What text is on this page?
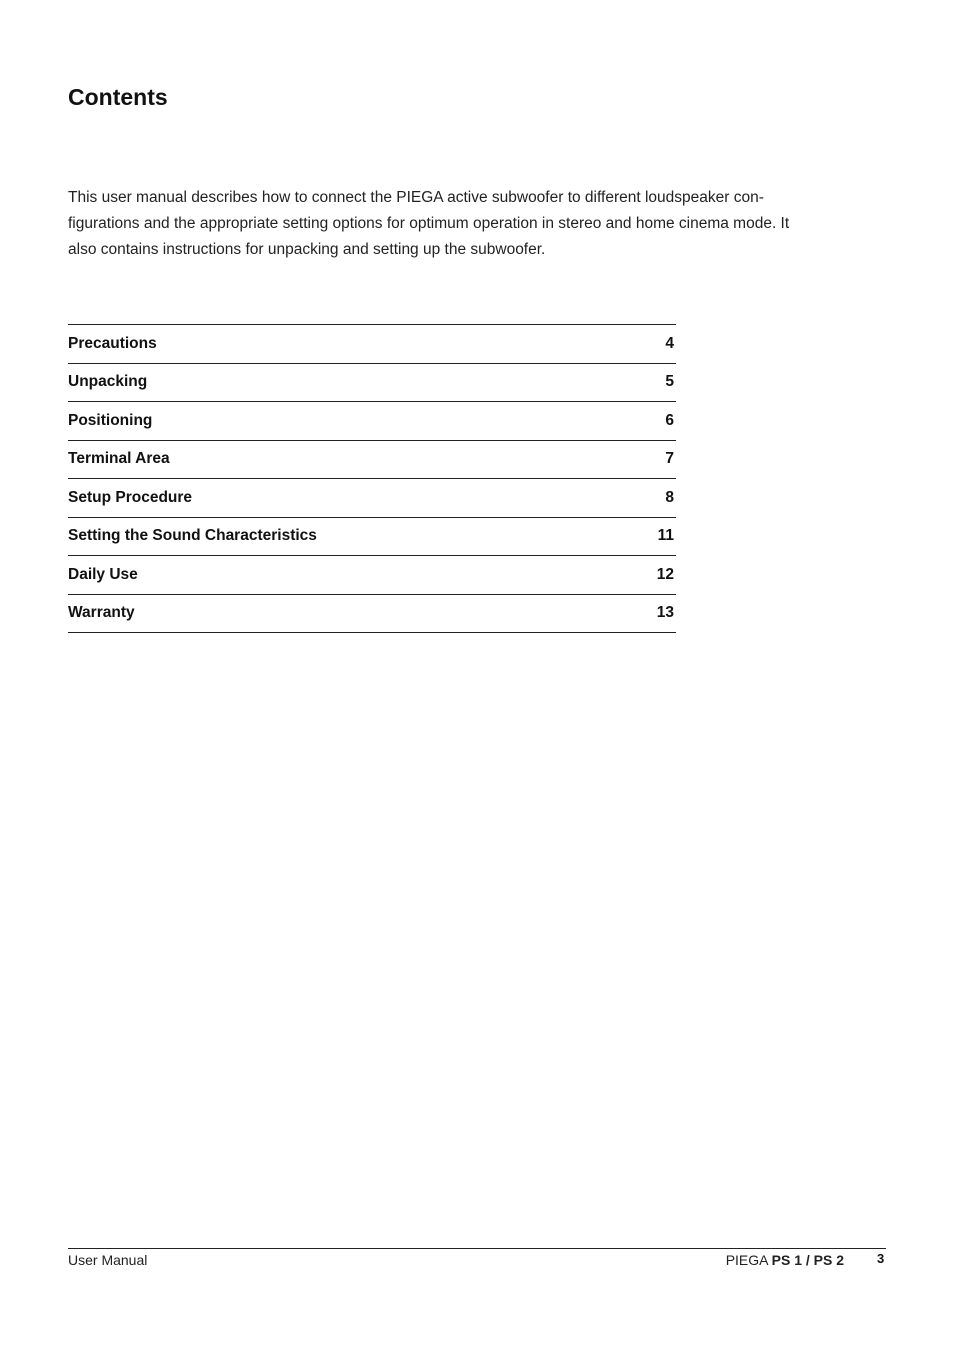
Contents

This user manual describes how to connect the PIEGA active subwoofer to different loudspeaker con-
figurations and the appropriate setting options for optimum operation in stereo and home cinema mode. It
also contains instructions for unpacking and setting up the subwoofer.

Precautions	4
Unpacking	5
Positioning	6
Terminal Area	7
Setup Procedure	8
Setting the Sound Characteristics	11
Daily Use	12
Warranty	13
User Manual	PIEGA PS 1 / PS 2	3
